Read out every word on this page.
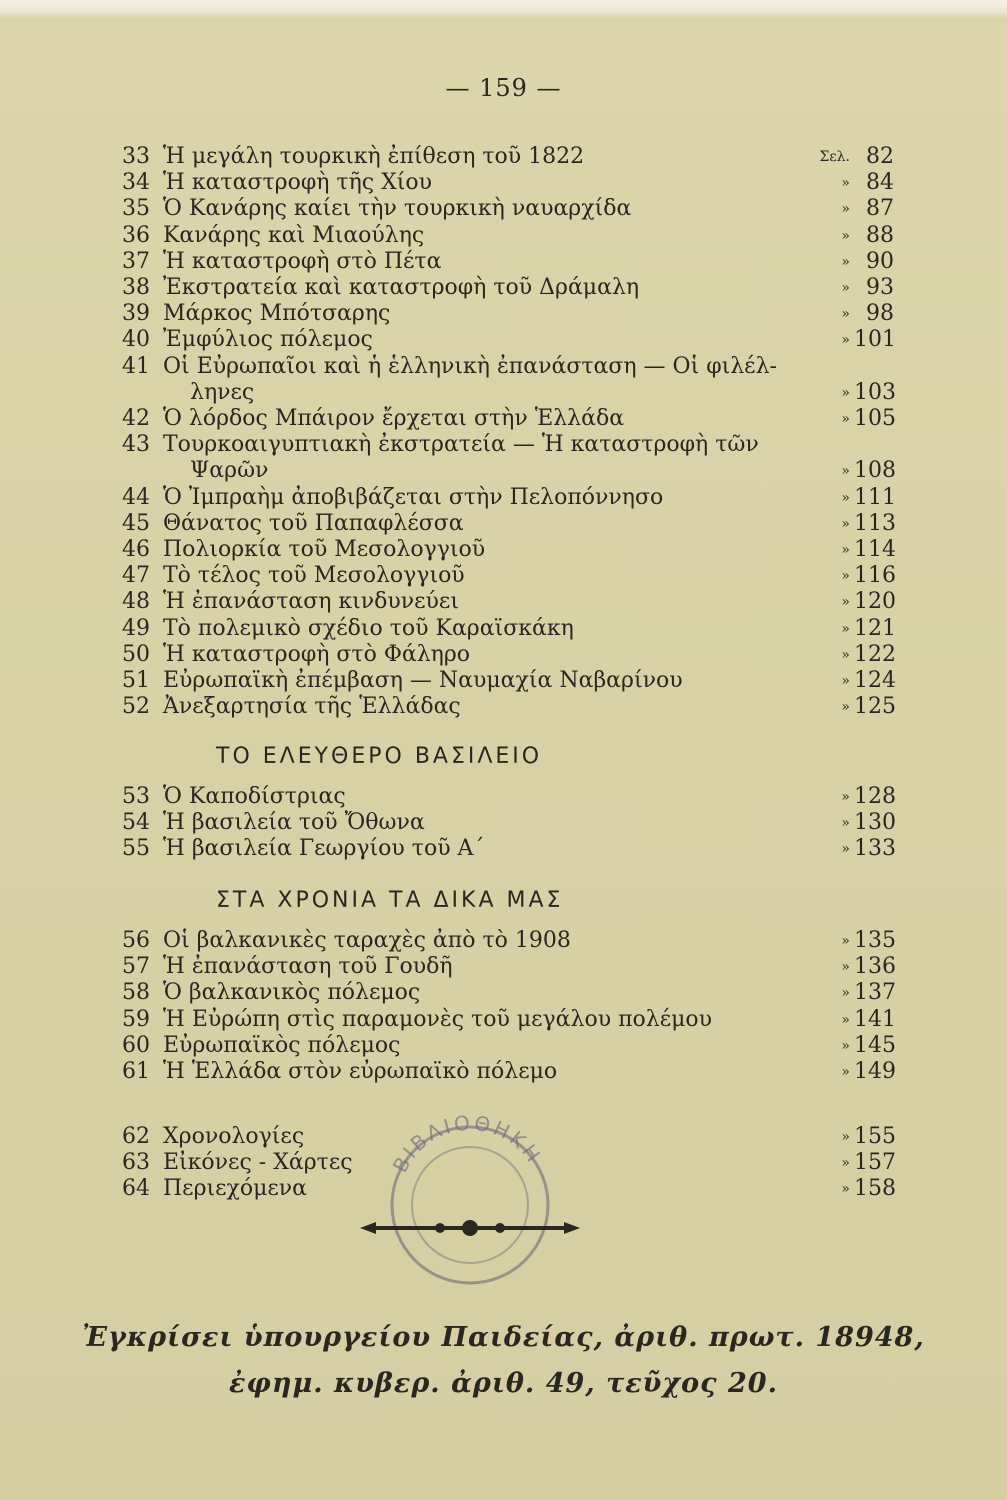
— 159 —
33 Ἡ μεγάλη τουρκικὴ ἐπίθεση τοῦ 1822	Σελ. 82
34 Ἡ καταστροφὴ τῆς Χίου	» 84
35 Ὁ Κανάρης καίει τὴν τουρκικὴ ναυαρχίδα	» 87
36 Κανάρης καὶ Μιαούλης	» 88
37 Ἡ καταστροφὴ στὸ Πέτα	» 90
38 Ἐκστρατεία καὶ καταστροφὴ τοῦ Δράμαλη	» 93
39 Μάρκος Μπότσαρης	» 98
40 Ἐμφύλιος πόλεμος	» 101
41 Οἱ Εὐρωπαῖοι καὶ ἡ ἑλληνικὴ ἐπανάσταση — Οἱ φιλέλ-
ληνες	» 103
42 Ὁ λόρδος Μπάιρον ἔρχεται στὴν Ἑλλάδα	» 105
43 Τουρκοαιγυπτιακὴ ἐκστρατεία — Ἡ καταστροφὴ τῶν
Ψαρῶν	» 108
44 Ὁ Ἰμπραὴμ ἀποβιβάζεται στὴν Πελοπόννησο	» 111
45 Θάνατος τοῦ Παπαφλέσσα	» 113
46 Πολιορκία τοῦ Μεσολογγιοῦ	» 114
47 Τὸ τέλος τοῦ Μεσολογγιοῦ	» 116
48 Ἡ ἐπανάσταση κινδυνεύει	» 120
49 Τὸ πολεμικὸ σχέδιο τοῦ Καραϊσκάκη	» 121
50 Ἡ καταστροφὴ στὸ Φάληρο	» 122
51 Εὐρωπαϊκὴ ἐπέμβαση — Ναυμαχία Ναβαρίνου	» 124
52 Ἀνεξαρτησία τῆς Ἑλλάδας	» 125
53 Ὁ Καποδίστριας	» 128
54 Ἡ βασιλεία τοῦ Ὄθωνα	» 130
55 Ἡ βασιλεία Γεωργίου τοῦ Α΄	» 133
56 Οἱ βαλκανικὲς ταραχὲς ἀπὸ τὸ 1908	» 135
57 Ἡ ἐπανάσταση τοῦ Γουδῆ	» 136
58 Ὁ βαλκανικὸς πόλεμος	» 137
59 Ἡ Εὐρώπη στὶς παραμονὲς τοῦ μεγάλου πολέμου	» 141
60 Εὐρωπαϊκὸς πόλεμος	» 145
61 Ἡ Ἑλλάδα στὸν εὐρωπαϊκὸ πόλεμο	» 149
62 Χρονολογίες	» 155
63 Εἰκόνες - Χάρτες	» 157
64 Περιεχόμενα	» 158
ΤΟ ΕΛΕΥΘΕΡΟ ΒΑΣΙΛΕΙΟ
ΣΤΑ ΧΡΟΝΙΑ ΤΑ ΔΙΚΑ ΜΑΣ
ΒΙΒΛΙΟΘΗΚΗ
Ἐγκρίσει ὑπουργείου Παιδείας, ἀριθ. πρωτ. 18948,
ἐφημ. κυβερ. ἀριθ. 49, τεῦχος 20.
